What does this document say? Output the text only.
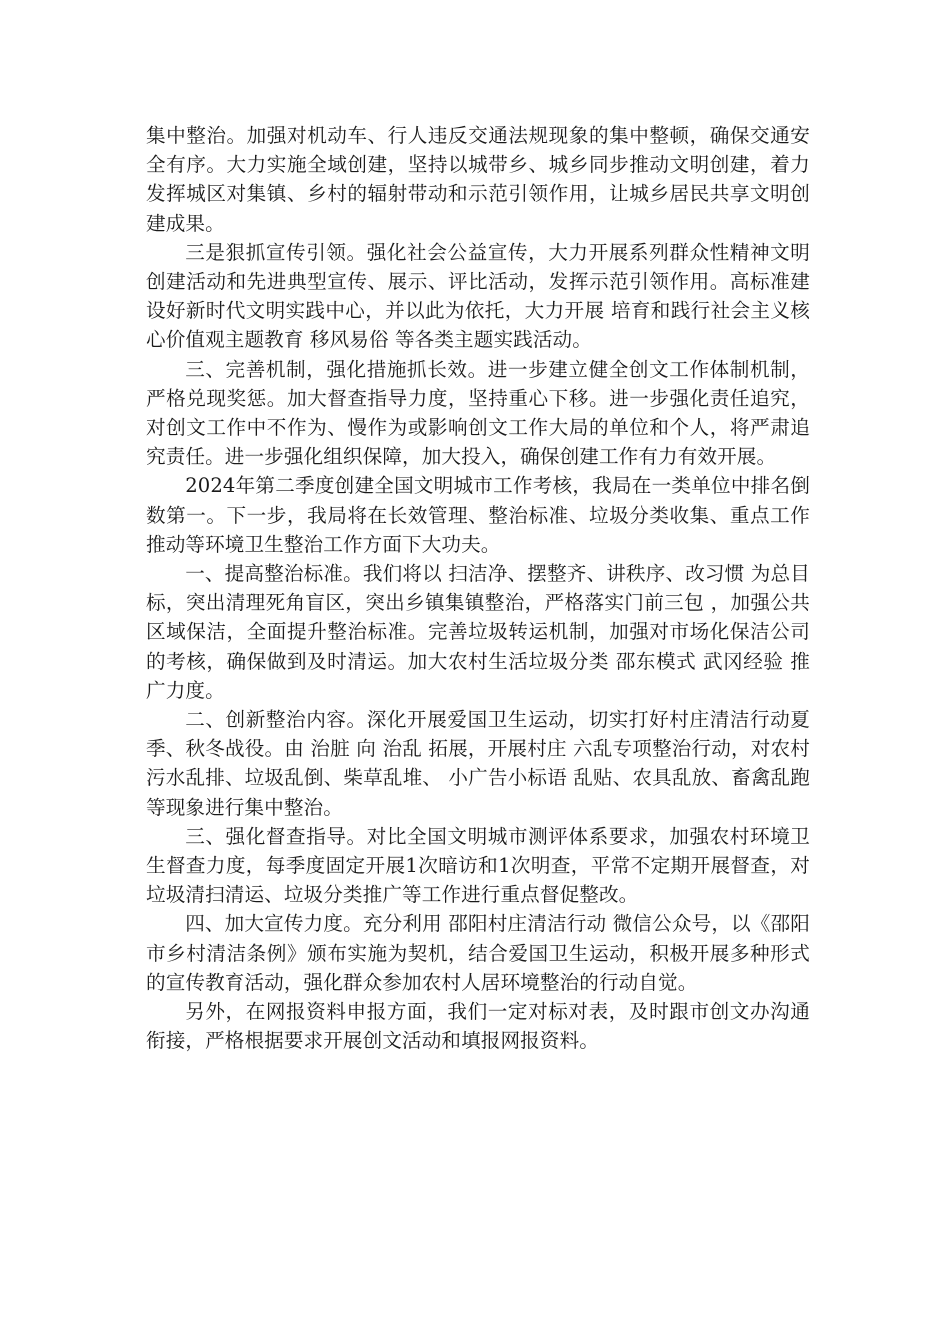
集中整治。加强对机动车、行人违反交通法规现象的集中整顿，确保交通安全有序。大力实施全域创建，坚持以城带乡、城乡同步推动文明创建，着力发挥城区对集镇、乡村的辐射带动和示范引领作用，让城乡居民共享文明创建成果。

三是狠抓宣传引领。强化社会公益宣传，大力开展系列群众性精神文明创建活动和先进典型宣传、展示、评比活动，发挥示范引领作用。高标准建设好新时代文明实践中心，并以此为依托，大力开展 培育和践行社会主义核心价值观主题教育 移风易俗 等各类主题实践活动。

三、完善机制，强化措施抓长效。进一步建立健全创文工作体制机制，严格兑现奖惩。加大督查指导力度，坚持重心下移。进一步强化责任追究，对创文工作中不作为、慢作为或影响创文工作大局的单位和个人，将严肃追究责任。进一步强化组织保障，加大投入，确保创建工作有力有效开展。

2024年第二季度创建全国文明城市工作考核，我局在一类单位中排名倒数第一。下一步，我局将在长效管理、整治标准、垃圾分类收集、重点工作推动等环境卫生整治工作方面下大功夫。

一、提高整治标准。我们将以 扫洁净、摆整齐、讲秩序、改习惯 为总目标，突出清理死角盲区，突出乡镇集镇整治，严格落实门前三包 ，加强公共区域保洁，全面提升整治标准。完善垃圾转运机制，加强对市场化保洁公司的考核，确保做到及时清运。加大农村生活垃圾分类 邵东模式 武冈经验 推广力度。

二、创新整治内容。深化开展爱国卫生运动，切实打好村庄清洁行动夏季、秋冬战役。由 治脏 向 治乱 拓展，开展村庄 六乱专项整治行动，对农村污水乱排、垃圾乱倒、柴草乱堆、 小广告小标语 乱贴、农具乱放、畜禽乱跑等现象进行集中整治。

三、强化督查指导。对比全国文明城市测评体系要求，加强农村环境卫生督查力度，每季度固定开展1次暗访和1次明查，平常不定期开展督查，对垃圾清扫清运、垃圾分类推广等工作进行重点督促整改。

四、加大宣传力度。充分利用 邵阳村庄清洁行动 微信公众号，以《邵阳市乡村清洁条例》颁布实施为契机，结合爱国卫生运动，积极开展多种形式的宣传教育活动，强化群众参加农村人居环境整治的行动自觉。

另外，在网报资料申报方面，我们一定对标对表，及时跟市创文办沟通衔接，严格根据要求开展创文活动和填报网报资料。
